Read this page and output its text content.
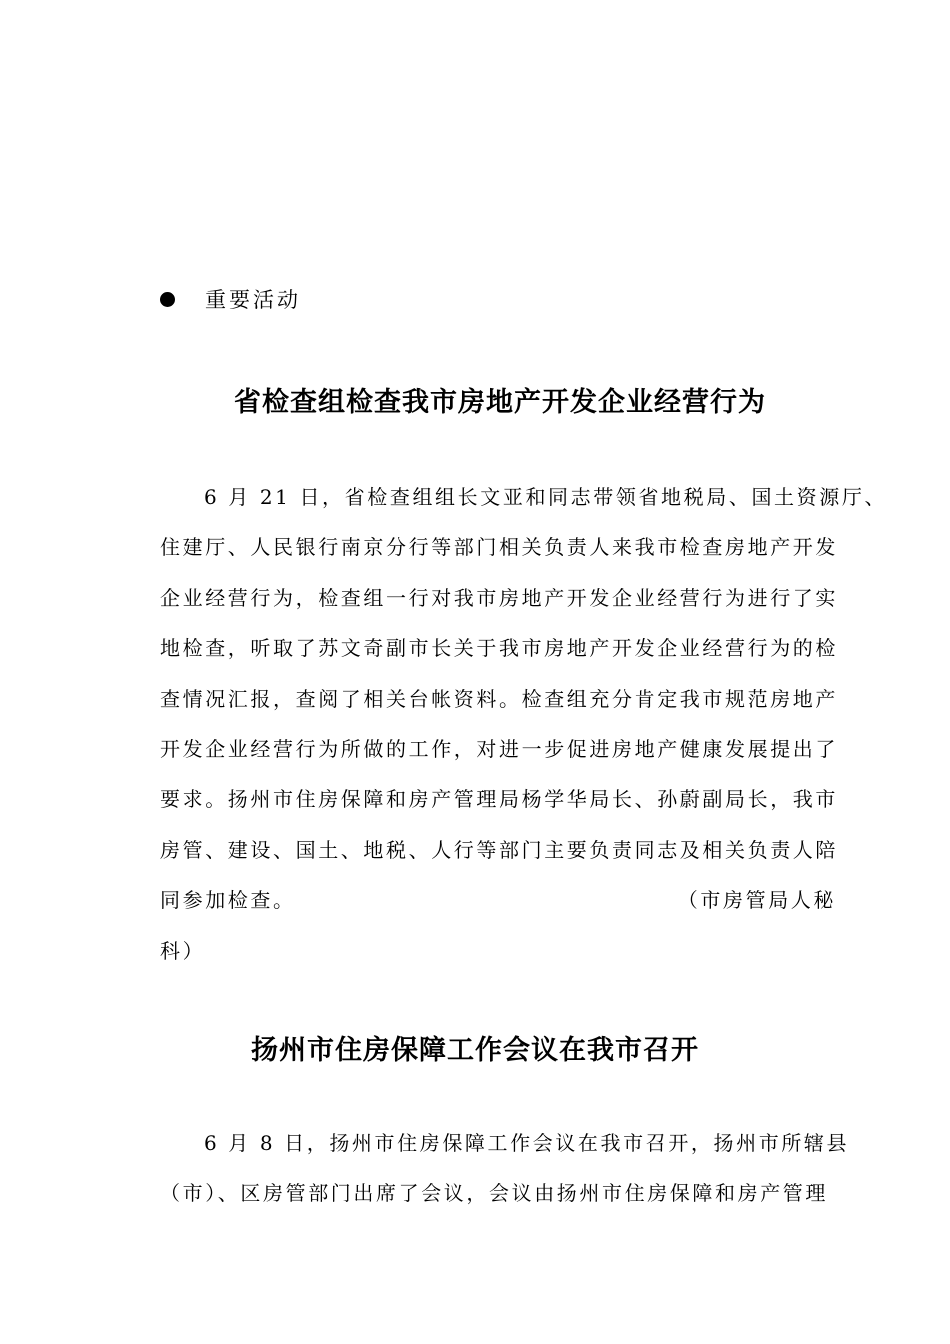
重要活动
省检查组检查我市房地产开发企业经营行为
6 月 21 日，省检查组组长文亚和同志带领省地税局、国土资源厅、
住建厅、人民银行南京分行等部门相关负责人来我市检查房地产开发
企业经营行为，检查组一行对我市房地产开发企业经营行为进行了实
地检查，听取了苏文奇副市长关于我市房地产开发企业经营行为的检
查情况汇报，查阅了相关台帐资料。检查组充分肯定我市规范房地产
开发企业经营行为所做的工作，对进一步促进房地产健康发展提出了
要求。扬州市住房保障和房产管理局杨学华局长、孙蔚副局长，我市
房管、建设、国土、地税、人行等部门主要负责同志及相关负责人陪
同参加检查。	（市房管局人秘
科）
扬州市住房保障工作会议在我市召开
6 月 8 日，扬州市住房保障工作会议在我市召开，扬州市所辖县
（市）、区房管部门出席了会议，会议由扬州市住房保障和房产管理
